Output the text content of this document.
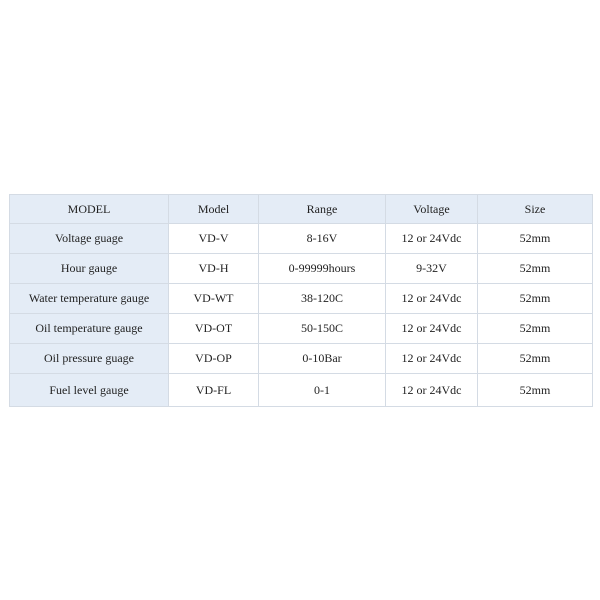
MODEL	Model	Range	Voltage	Size
Voltage guage	VD-V	8-16V	12 or 24Vdc	52mm
Hour gauge	VD-H	0-99999hours	9-32V	52mm
Water temperature gauge	VD-WT	38-120C	12 or 24Vdc	52mm
Oil temperature gauge	VD-OT	50-150C	12 or 24Vdc	52mm
Oil pressure guage	VD-OP	0-10Bar	12 or 24Vdc	52mm
Fuel level gauge	VD-FL	0-1	12 or 24Vdc	52mm
